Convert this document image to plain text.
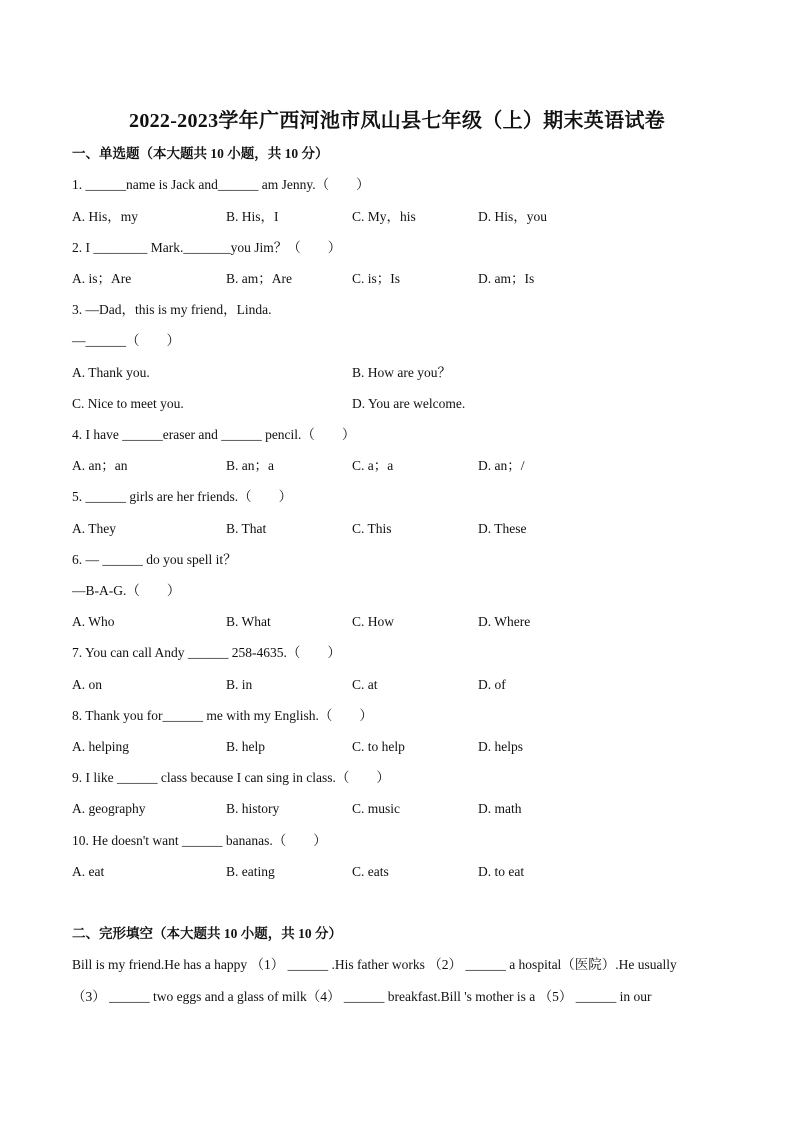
2022-2023学年广西河池市凤山县七年级（上）期末英语试卷
一、单选题（本大题共 10 小题，共 10 分）
1. ______name is Jack and______ am Jenny.（　　）
A. His，my	B. His，I	C. My，his	D. His，you
2. I ________ Mark._______you Jim？（　　）
A. is；Are	B. am；Are	C. is；Is	D. am；Is
3. —Dad，this is my friend，Linda.
—______（　　）
A. Thank you.	B. How are you？
C. Nice to meet you.	D. You are welcome.
4. I have ______eraser and ______ pencil.（　　）
A. an；an	B. an；a	C. a；a	D. an；/
5. ______ girls are her friends.（　　）
A. They	B. That	C. This	D. These
6. — ______ do you spell it？
—B-A-G.（　　）
A. Who	B. What	C. How	D. Where
7. You can call Andy ______ 258-4635.（　　）
A. on	B. in	C. at	D. of
8. Thank you for______ me with my English.（　　）
A. helping	B. help	C. to help	D. helps
9. I like ______ class because I can sing in class.（　　）
A. geography	B. history	C. music	D. math
10. He doesn't want ______ bananas.（　　）
A. eat	B. eating	C. eats	D. to eat
二、完形填空（本大题共 10 小题，共 10 分）
Bill is my friend.He has a happy （1） ______ .His father works （2） ______ a hospital（医院）.He usually
（3） ______ two eggs and a glass of milk（4） ______ breakfast.Bill 's mother is a （5） ______ in our
